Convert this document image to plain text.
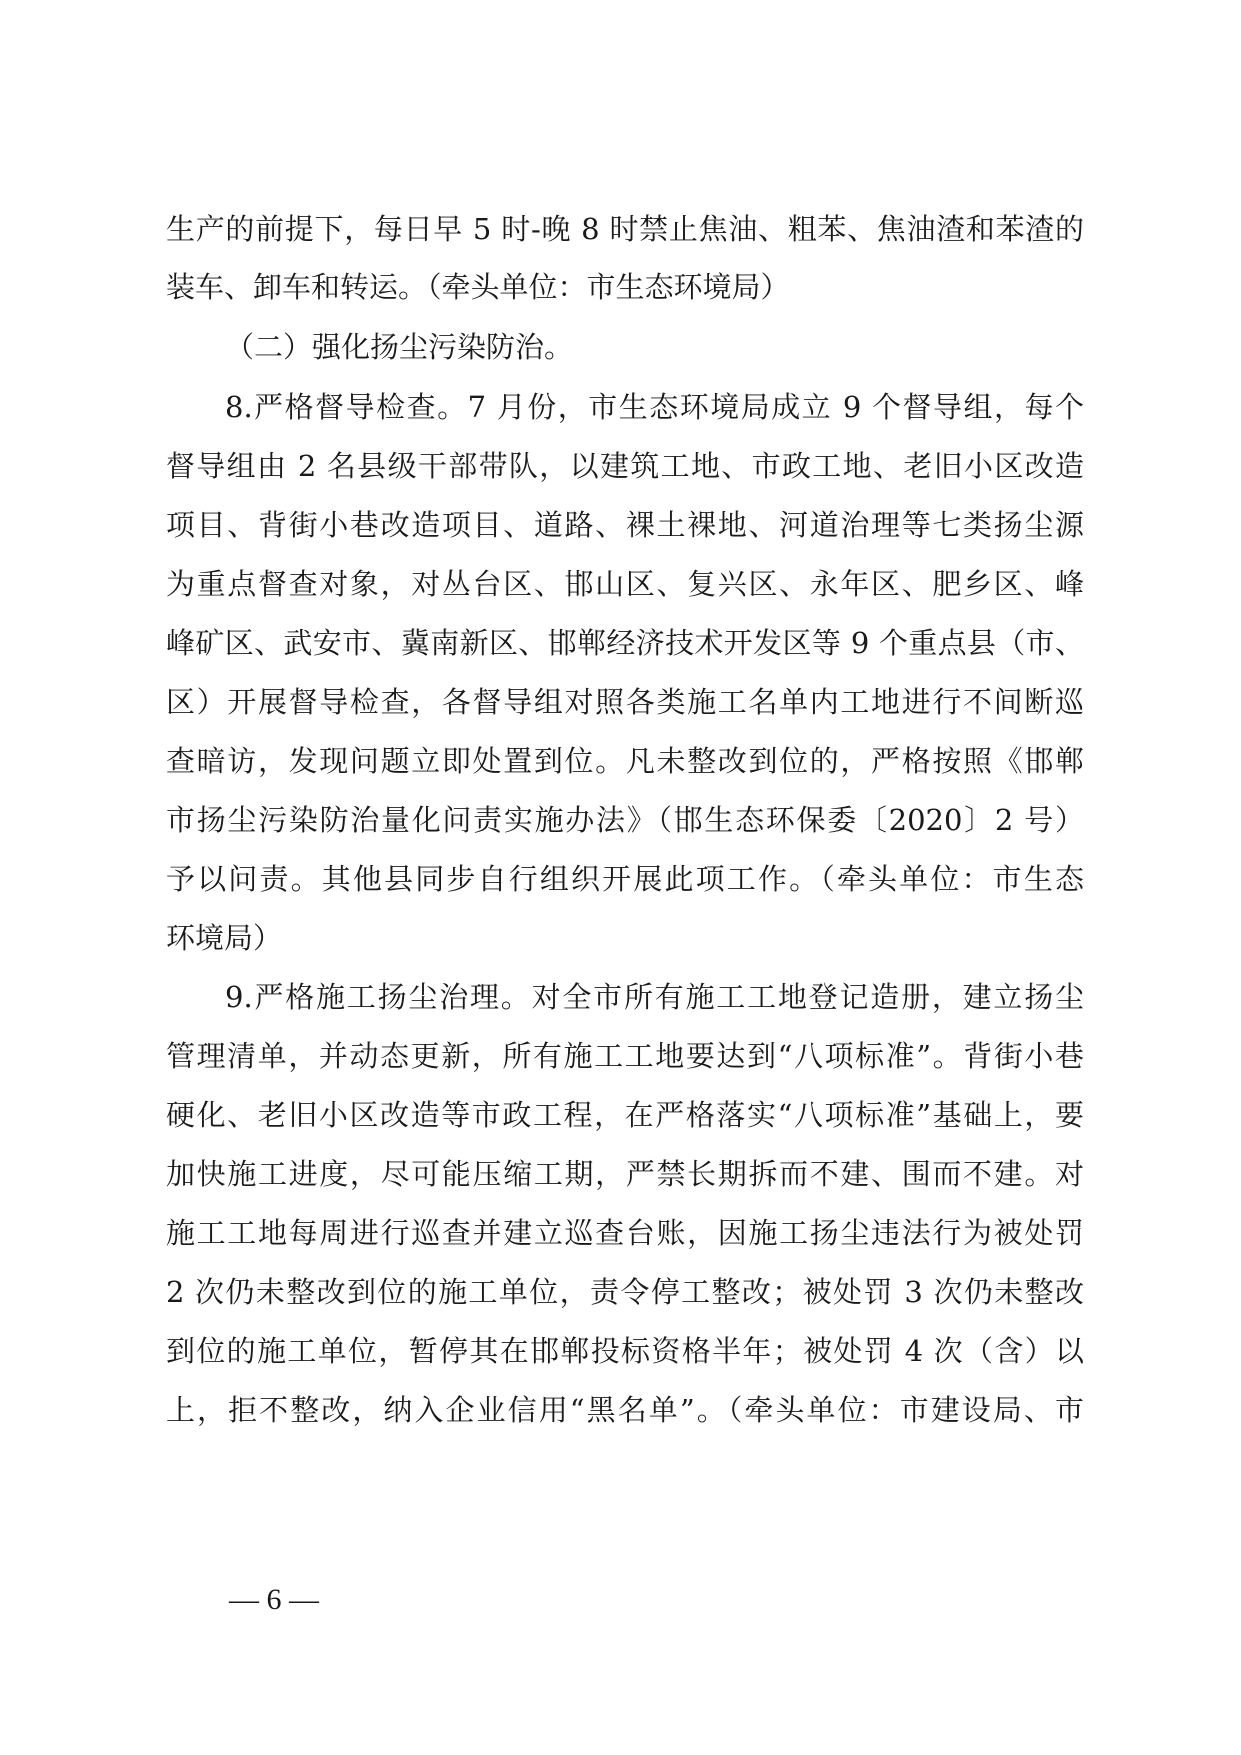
生产的前提下，每日早 5 时-晚 8 时禁止焦油、粗苯、焦油渣和苯渣的
装车、卸车和转运。（牵头单位：市生态环境局）
（二）强化扬尘污染防治。
8.严格督导检查。7 月份，市生态环境局成立 9 个督导组，每个
督导组由 2 名县级干部带队，以建筑工地、市政工地、老旧小区改造
项目、背街小巷改造项目、道路、裸土裸地、河道治理等七类扬尘源
为重点督查对象，对丛台区、邯山区、复兴区、永年区、肥乡区、峰
峰矿区、武安市、冀南新区、邯郸经济技术开发区等 9 个重点县（市、
区）开展督导检查，各督导组对照各类施工名单内工地进行不间断巡
查暗访，发现问题立即处置到位。凡未整改到位的，严格按照《邯郸
市扬尘污染防治量化问责实施办法》（邯生态环保委〔2020〕2 号）
予以问责。其他县同步自行组织开展此项工作。（牵头单位：市生态
环境局）
9.严格施工扬尘治理。对全市所有施工工地登记造册，建立扬尘
管理清单，并动态更新，所有施工工地要达到“八项标准”。背街小巷
硬化、老旧小区改造等市政工程，在严格落实“八项标准”基础上，要
加快施工进度，尽可能压缩工期，严禁长期拆而不建、围而不建。对
施工工地每周进行巡查并建立巡查台账，因施工扬尘违法行为被处罚
2 次仍未整改到位的施工单位，责令停工整改；被处罚 3 次仍未整改
到位的施工单位，暂停其在邯郸投标资格半年；被处罚 4 次（含）以
上，拒不整改，纳入企业信用“黑名单”。（牵头单位：市建设局、市
— 6 —
